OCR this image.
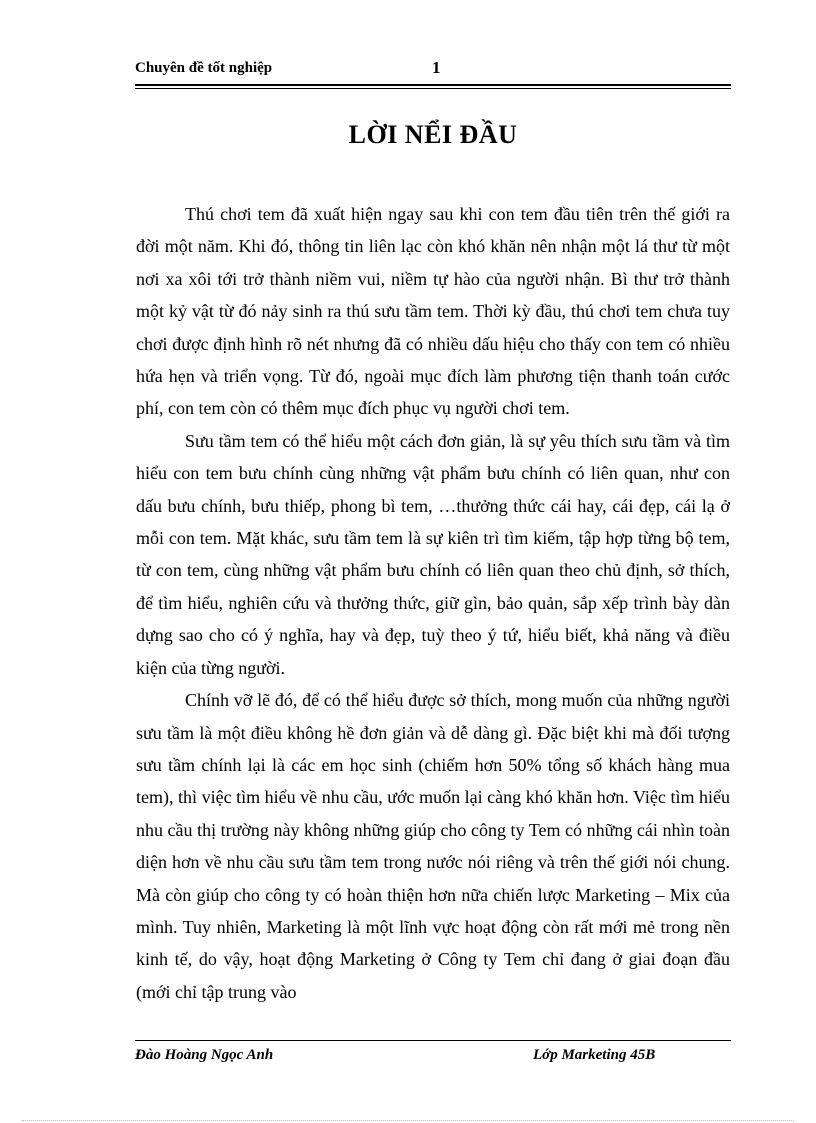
Chuyên đề tốt nghiệp	1
LỜI NỂI ĐẦU

Thú chơi tem đã xuất hiện ngay sau khi con tem đầu tiên trên thế giới ra đời một năm. Khi đó, thông tin liên lạc còn khó khăn nên nhận một lá thư từ một nơi xa xôi tới trở thành niềm vui, niềm tự hào của người nhận. Bì thư trở thành một kỷ vật từ đó nảy sinh ra thú sưu tầm tem. Thời kỳ đầu, thú chơi tem chưa tuy chơi được định hình rõ nét nhưng đã có nhiều dấu hiệu cho thấy con tem có nhiều hứa hẹn và triển vọng. Từ đó, ngoài mục đích làm phương tiện thanh toán cước phí, con tem còn có thêm mục đích phục vụ người chơi tem.

Sưu tầm tem có thể hiểu một cách đơn giản, là sự yêu thích sưu tầm và tìm hiểu con tem bưu chính cùng những vật phẩm bưu chính có liên quan, như con dấu bưu chính, bưu thiếp, phong bì tem, …thưởng thức cái hay, cái đẹp, cái lạ ở mỗi con tem. Mặt khác, sưu tầm tem là sự kiên trì tìm kiếm, tập hợp từng bộ tem, từ con tem, cùng những vật phẩm bưu chính có liên quan theo chủ định, sở thích, để tìm hiểu, nghiên cứu và thưởng thức, giữ gìn, bảo quản, sắp xếp trình bày dàn dựng sao cho có ý nghĩa, hay và đẹp, tuỳ theo ý tứ, hiểu biết, khả năng và điều kiện của từng người.

Chính vỡ lẽ đó, để có thể hiểu được sở thích, mong muốn của những người sưu tầm là một điều không hề đơn giản và dễ dàng gì. Đặc biệt khi mà đối tượng sưu tầm chính lại là các em học sinh (chiếm hơn 50% tổng số khách hàng mua tem), thì việc tìm hiểu về nhu cầu, ước muốn lại càng khó khăn hơn. Việc tìm hiểu nhu cầu thị trường này không những giúp cho công ty Tem có những cái nhìn toàn diện hơn về nhu cầu sưu tầm tem trong nước nói riêng và trên thế giới nói chung. Mà còn giúp cho công ty có hoàn thiện hơn nữa chiến lược Marketing – Mix của mình. Tuy nhiên, Marketing là một lĩnh vực hoạt động còn rất mới mẻ trong nền kinh tế, do vậy, hoạt động Marketing ở Công ty Tem chỉ đang ở giai đoạn đầu (mới chỉ tập trung vào

Đào Hoàng Ngọc Anh	Lớp Marketing 45B
